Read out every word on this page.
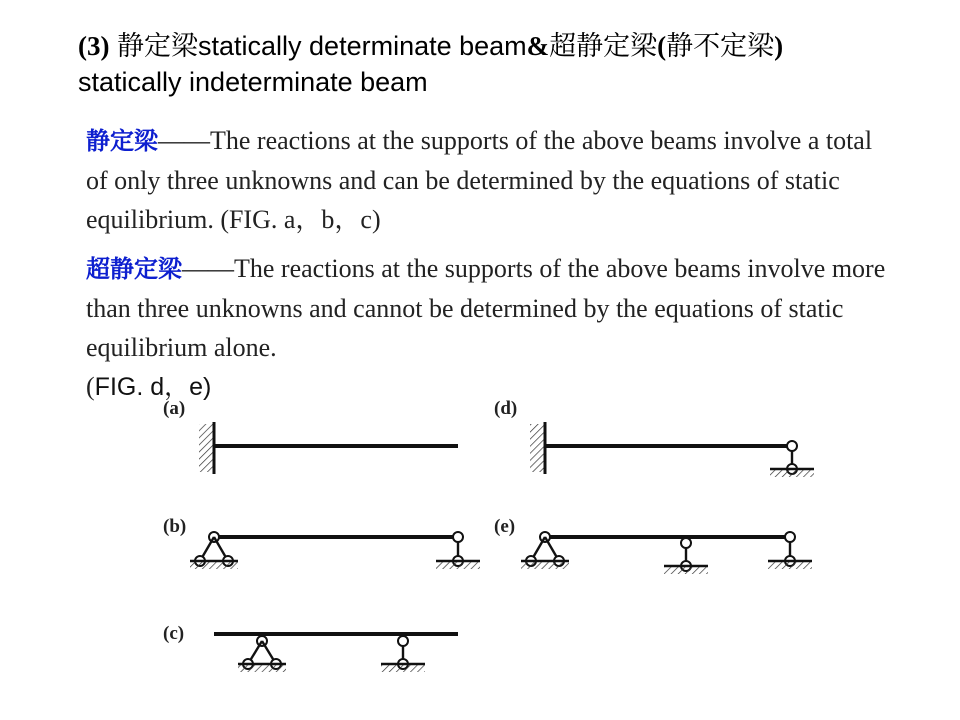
(3) 静定梁statically determinate beam&超静定梁(静不定梁)
statically indeterminate beam
静定梁——The reactions at the supports of the above beams involve a total of only three unknowns and can be determined by the equations of static equilibrium. (FIG. a，b，c)
超静定梁——The reactions at the supports of the above beams involve more than three unknowns and cannot be determined by the equations of static equilibrium alone.
(FIG. d，e)
(a)
(b)
(c)
(d)
(e)
